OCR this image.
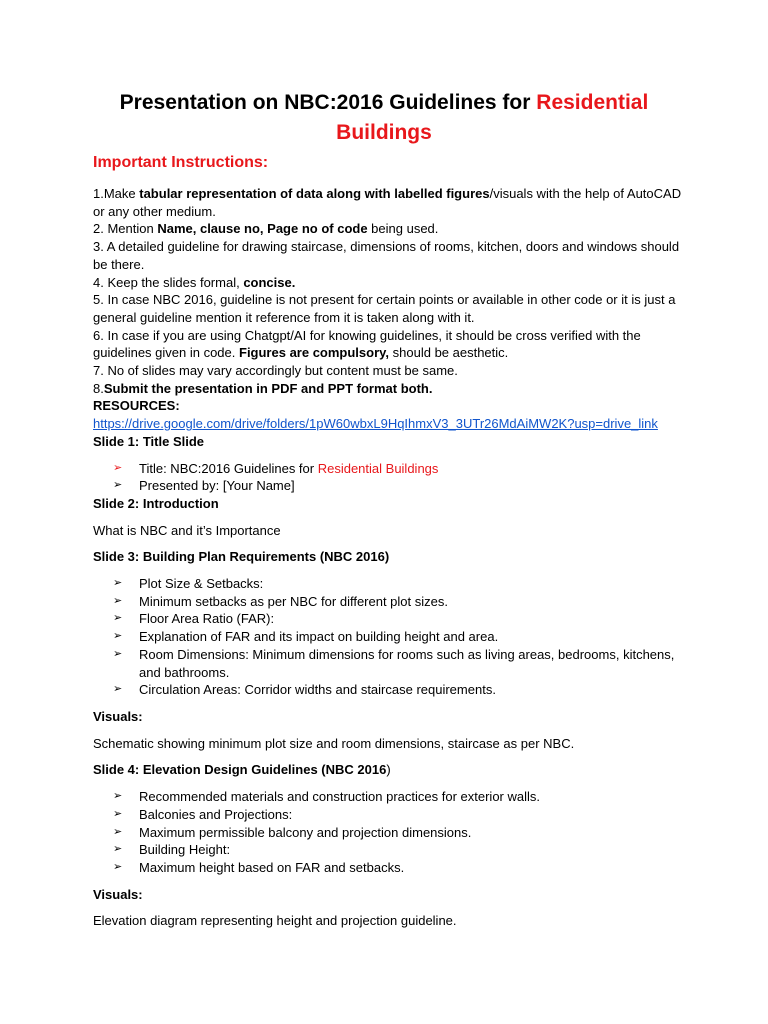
Presentation on NBC:2016 Guidelines for Residential
Buildings
Important Instructions:

1.Make tabular representation of data along with labelled figures/visuals with the help of AutoCAD or any other medium.

2. Mention Name, clause no, Page no of code being used.

3. A detailed guideline for drawing staircase, dimensions of rooms, kitchen, doors and windows should be there.

4. Keep the slides formal, concise.

5. In case NBC 2016, guideline is not present for certain points or available in other code or it is just a general guideline mention it reference from it is taken along with it.

6. In case if you are using Chatgpt/AI for knowing guidelines, it should be cross verified with the guidelines given in code. Figures are compulsory, should be aesthetic.

7. No of slides may vary accordingly but content must be same.

8.Submit the presentation in PDF and PPT format both.

RESOURCES:

https://drive.google.com/drive/folders/1pW60wbxL9HqIhmxV3_3UTr26MdAiMW2K?usp=drive_link

Slide 1: Title Slide

➢ Title: NBC:2016 Guidelines for Residential Buildings
➢ Presented by: [Your Name]

Slide 2: Introduction

What is NBC and it’s Importance

Slide 3: Building Plan Requirements (NBC 2016)

➢ Plot Size & Setbacks:
➢ Minimum setbacks as per NBC for different plot sizes.
➢ Floor Area Ratio (FAR):
➢ Explanation of FAR and its impact on building height and area.
➢ Room Dimensions: Minimum dimensions for rooms such as living areas, bedrooms, kitchens, and bathrooms.
➢ Circulation Areas: Corridor widths and staircase requirements.

Visuals:

Schematic showing minimum plot size and room dimensions, staircase as per NBC.

Slide 4: Elevation Design Guidelines (NBC 2016)

➢ Recommended materials and construction practices for exterior walls.
➢ Balconies and Projections:
➢ Maximum permissible balcony and projection dimensions.
➢ Building Height:
➢ Maximum height based on FAR and setbacks.

Visuals:

Elevation diagram representing height and projection guideline.
